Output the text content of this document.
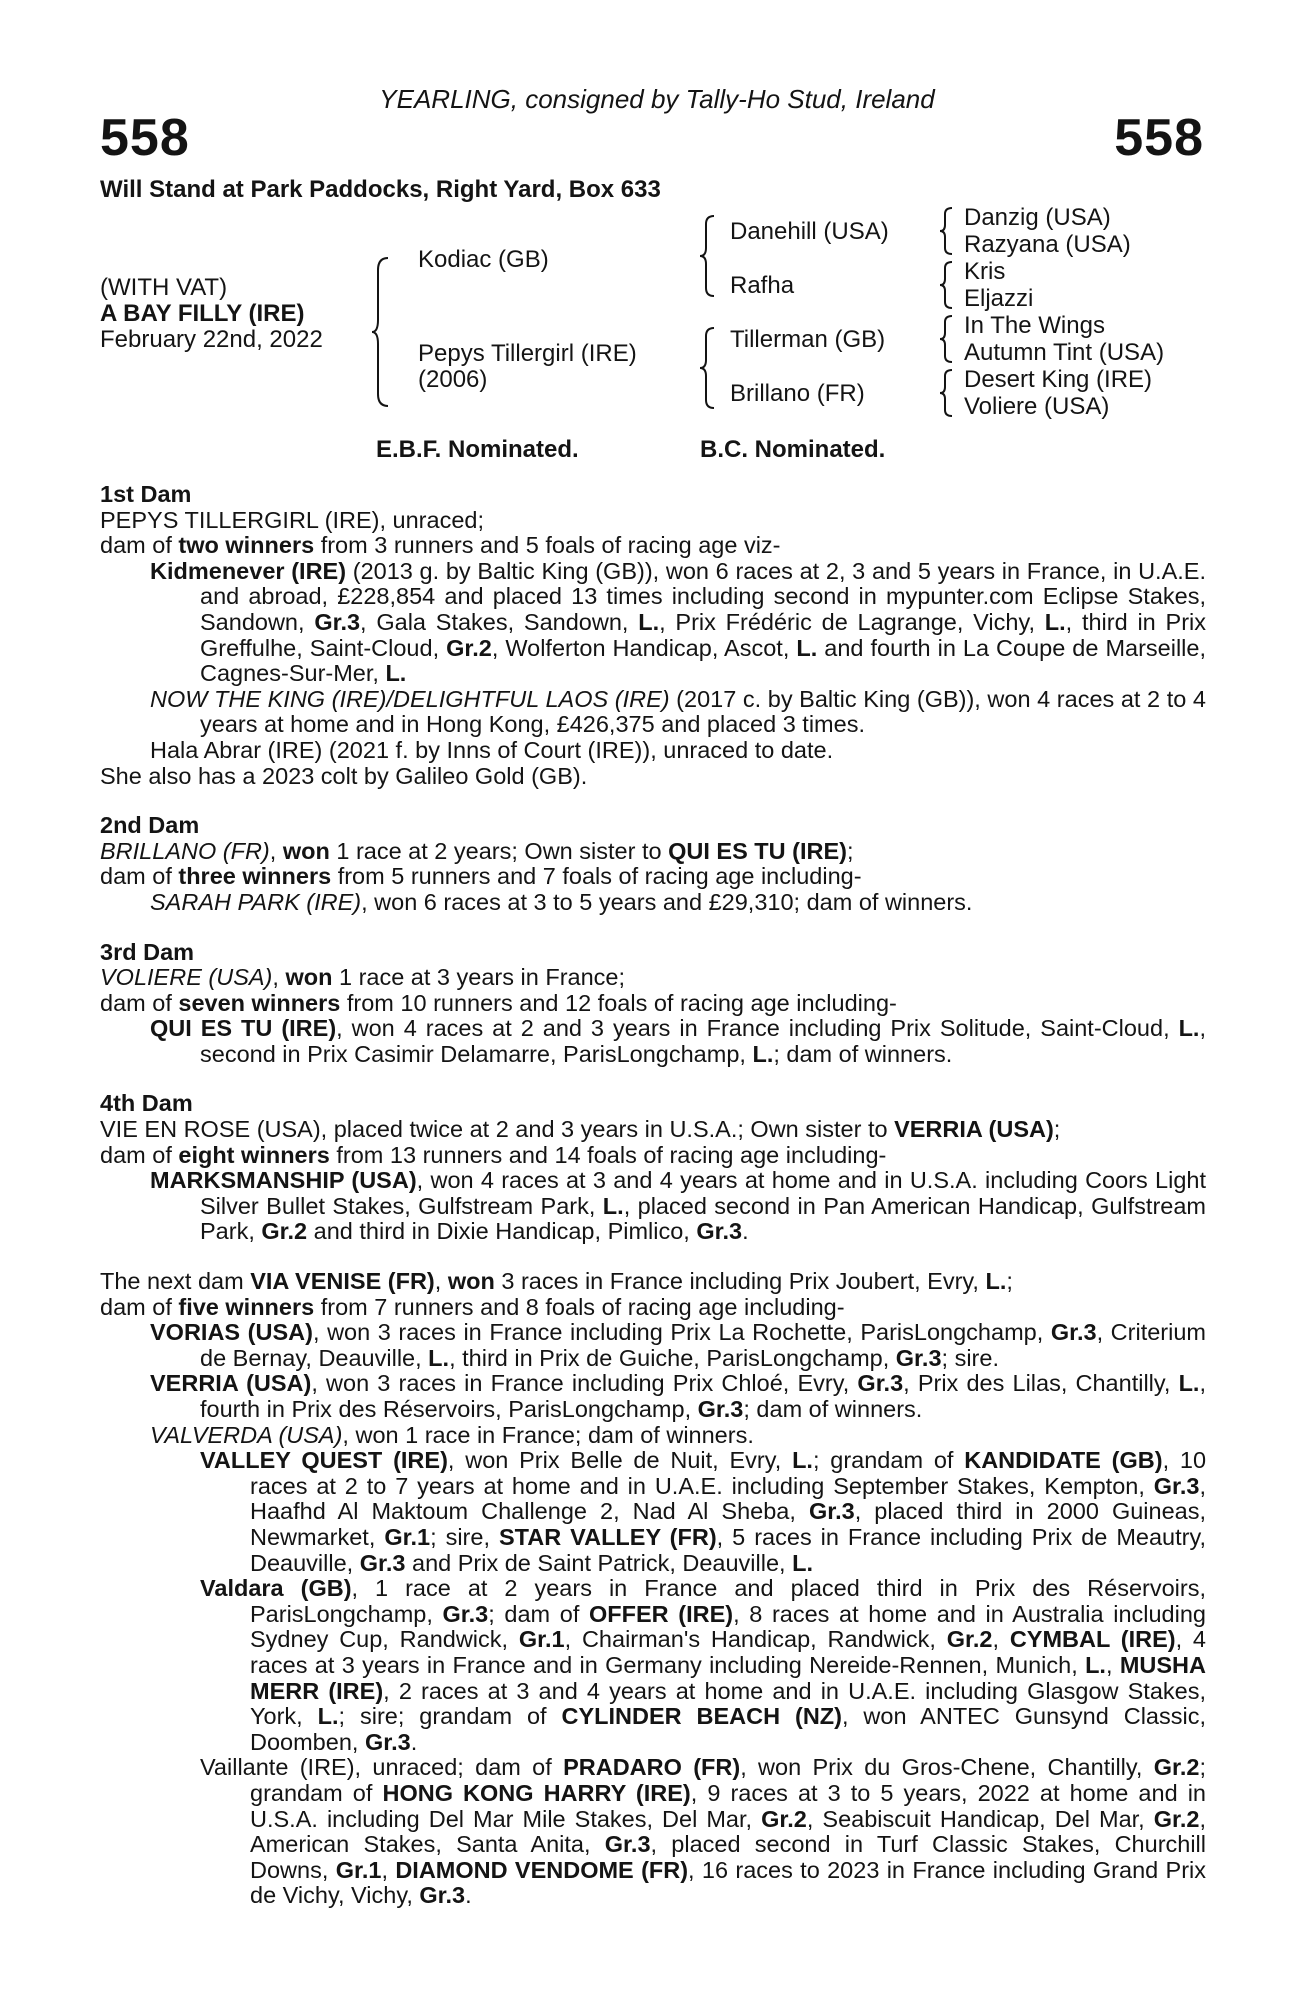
YEARLING, consigned by Tally-Ho Stud, Ireland
558	558
Will Stand at Park Paddocks, Right Yard, Box 633
(WITH VAT)
A BAY FILLY (IRE)
February 22nd, 2022
Kodiac (GB)
Pepys Tillergirl (IRE)
(2006)
Danehill (USA)
Rafha
Tillerman (GB)
Brillano (FR)
Danzig (USA)
Razyana (USA)
Kris
Eljazzi
In The Wings
Autumn Tint (USA)
Desert King (IRE)
Voliere (USA)
E.B.F. Nominated.	B.C. Nominated.
1st Dam
PEPYS TILLERGIRL (IRE), unraced;
dam of two winners from 3 runners and 5 foals of racing age viz-
Kidmenever (IRE) (2013 g. by Baltic King (GB)), won 6 races at 2, 3 and 5 years in France, in U.A.E. and abroad, £228,854 and placed 13 times including second in mypunter.com Eclipse Stakes, Sandown, Gr.3, Gala Stakes, Sandown, L., Prix Frédéric de Lagrange, Vichy, L., third in Prix Greffulhe, Saint-Cloud, Gr.2, Wolferton Handicap, Ascot, L. and fourth in La Coupe de Marseille, Cagnes-Sur-Mer, L.
NOW THE KING (IRE)/DELIGHTFUL LAOS (IRE) (2017 c. by Baltic King (GB)), won 4 races at 2 to 4 years at home and in Hong Kong, £426,375 and placed 3 times.
Hala Abrar (IRE) (2021 f. by Inns of Court (IRE)), unraced to date.
She also has a 2023 colt by Galileo Gold (GB).
2nd Dam
BRILLANO (FR), won 1 race at 2 years; Own sister to QUI ES TU (IRE);
dam of three winners from 5 runners and 7 foals of racing age including-
SARAH PARK (IRE), won 6 races at 3 to 5 years and £29,310; dam of winners.
3rd Dam
VOLIERE (USA), won 1 race at 3 years in France;
dam of seven winners from 10 runners and 12 foals of racing age including-
QUI ES TU (IRE), won 4 races at 2 and 3 years in France including Prix Solitude, Saint-Cloud, L., second in Prix Casimir Delamarre, ParisLongchamp, L.; dam of winners.
4th Dam
VIE EN ROSE (USA), placed twice at 2 and 3 years in U.S.A.; Own sister to VERRIA (USA);
dam of eight winners from 13 runners and 14 foals of racing age including-
MARKSMANSHIP (USA), won 4 races at 3 and 4 years at home and in U.S.A. including Coors Light Silver Bullet Stakes, Gulfstream Park, L., placed second in Pan American Handicap, Gulfstream Park, Gr.2 and third in Dixie Handicap, Pimlico, Gr.3.
The next dam VIA VENISE (FR), won 3 races in France including Prix Joubert, Evry, L.;
dam of five winners from 7 runners and 8 foals of racing age including-
VORIAS (USA), won 3 races in France including Prix La Rochette, ParisLongchamp, Gr.3, Criterium de Bernay, Deauville, L., third in Prix de Guiche, ParisLongchamp, Gr.3; sire.
VERRIA (USA), won 3 races in France including Prix Chloé, Evry, Gr.3, Prix des Lilas, Chantilly, L., fourth in Prix des Réservoirs, ParisLongchamp, Gr.3; dam of winners.
VALVERDA (USA), won 1 race in France; dam of winners.
VALLEY QUEST (IRE), won Prix Belle de Nuit, Evry, L.; grandam of KANDIDATE (GB), 10 races at 2 to 7 years at home and in U.A.E. including September Stakes, Kempton, Gr.3, Haafhd Al Maktoum Challenge 2, Nad Al Sheba, Gr.3, placed third in 2000 Guineas, Newmarket, Gr.1; sire, STAR VALLEY (FR), 5 races in France including Prix de Meautry, Deauville, Gr.3 and Prix de Saint Patrick, Deauville, L.
Valdara (GB), 1 race at 2 years in France and placed third in Prix des Réservoirs, ParisLongchamp, Gr.3; dam of OFFER (IRE), 8 races at home and in Australia including Sydney Cup, Randwick, Gr.1, Chairman's Handicap, Randwick, Gr.2, CYMBAL (IRE), 4 races at 3 years in France and in Germany including Nereide-Rennen, Munich, L., MUSHA MERR (IRE), 2 races at 3 and 4 years at home and in U.A.E. including Glasgow Stakes, York, L.; sire; grandam of CYLINDER BEACH (NZ), won ANTEC Gunsynd Classic, Doomben, Gr.3.
Vaillante (IRE), unraced; dam of PRADARO (FR), won Prix du Gros-Chene, Chantilly, Gr.2; grandam of HONG KONG HARRY (IRE), 9 races at 3 to 5 years, 2022 at home and in U.S.A. including Del Mar Mile Stakes, Del Mar, Gr.2, Seabiscuit Handicap, Del Mar, Gr.2, American Stakes, Santa Anita, Gr.3, placed second in Turf Classic Stakes, Churchill Downs, Gr.1, DIAMOND VENDOME (FR), 16 races to 2023 in France including Grand Prix de Vichy, Vichy, Gr.3.
